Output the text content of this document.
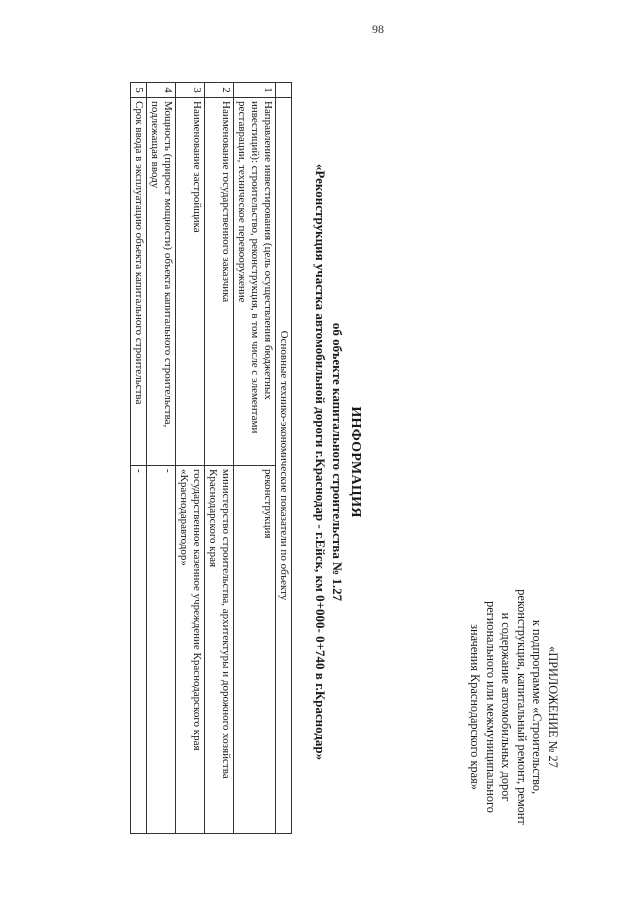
98
«ПРИЛОЖЕНИЕ № 27
к подпрограмме «Строительство,
реконструкция, капитальный ремонт, ремонт
и содержание автомобильных дорог
регионального или межмуниципального
значения Краснодарского края»
ИНФОРМАЦИЯ
об объекте капитального строительства № 1.27
«Реконструкция участка автомобильной дороги г.Краснодар - г.Ейск, км 0+000- 0+740 в г.Краснодар»
	Основные технико-экономические показатели по объекту	
1	Направление инвестирования (цель осуществления бюджетных инвестиций): строительство, реконструкция, в том числе с элементами реставрации, техническое перевооружение	реконструкция
2	Наименование государственного заказчика	министерство строительства, архитектуры и дорожного хозяйства Краснодарского края
3	Наименование застройщика	государственное казенное учреждение Краснодарского края «Краснодаравтодор»
4	Мощность (прирост мощности) объекта капитального строительства, подлежащая вводу	-
5	Срок ввода в эксплуатацию объекта капитального строительства	-
